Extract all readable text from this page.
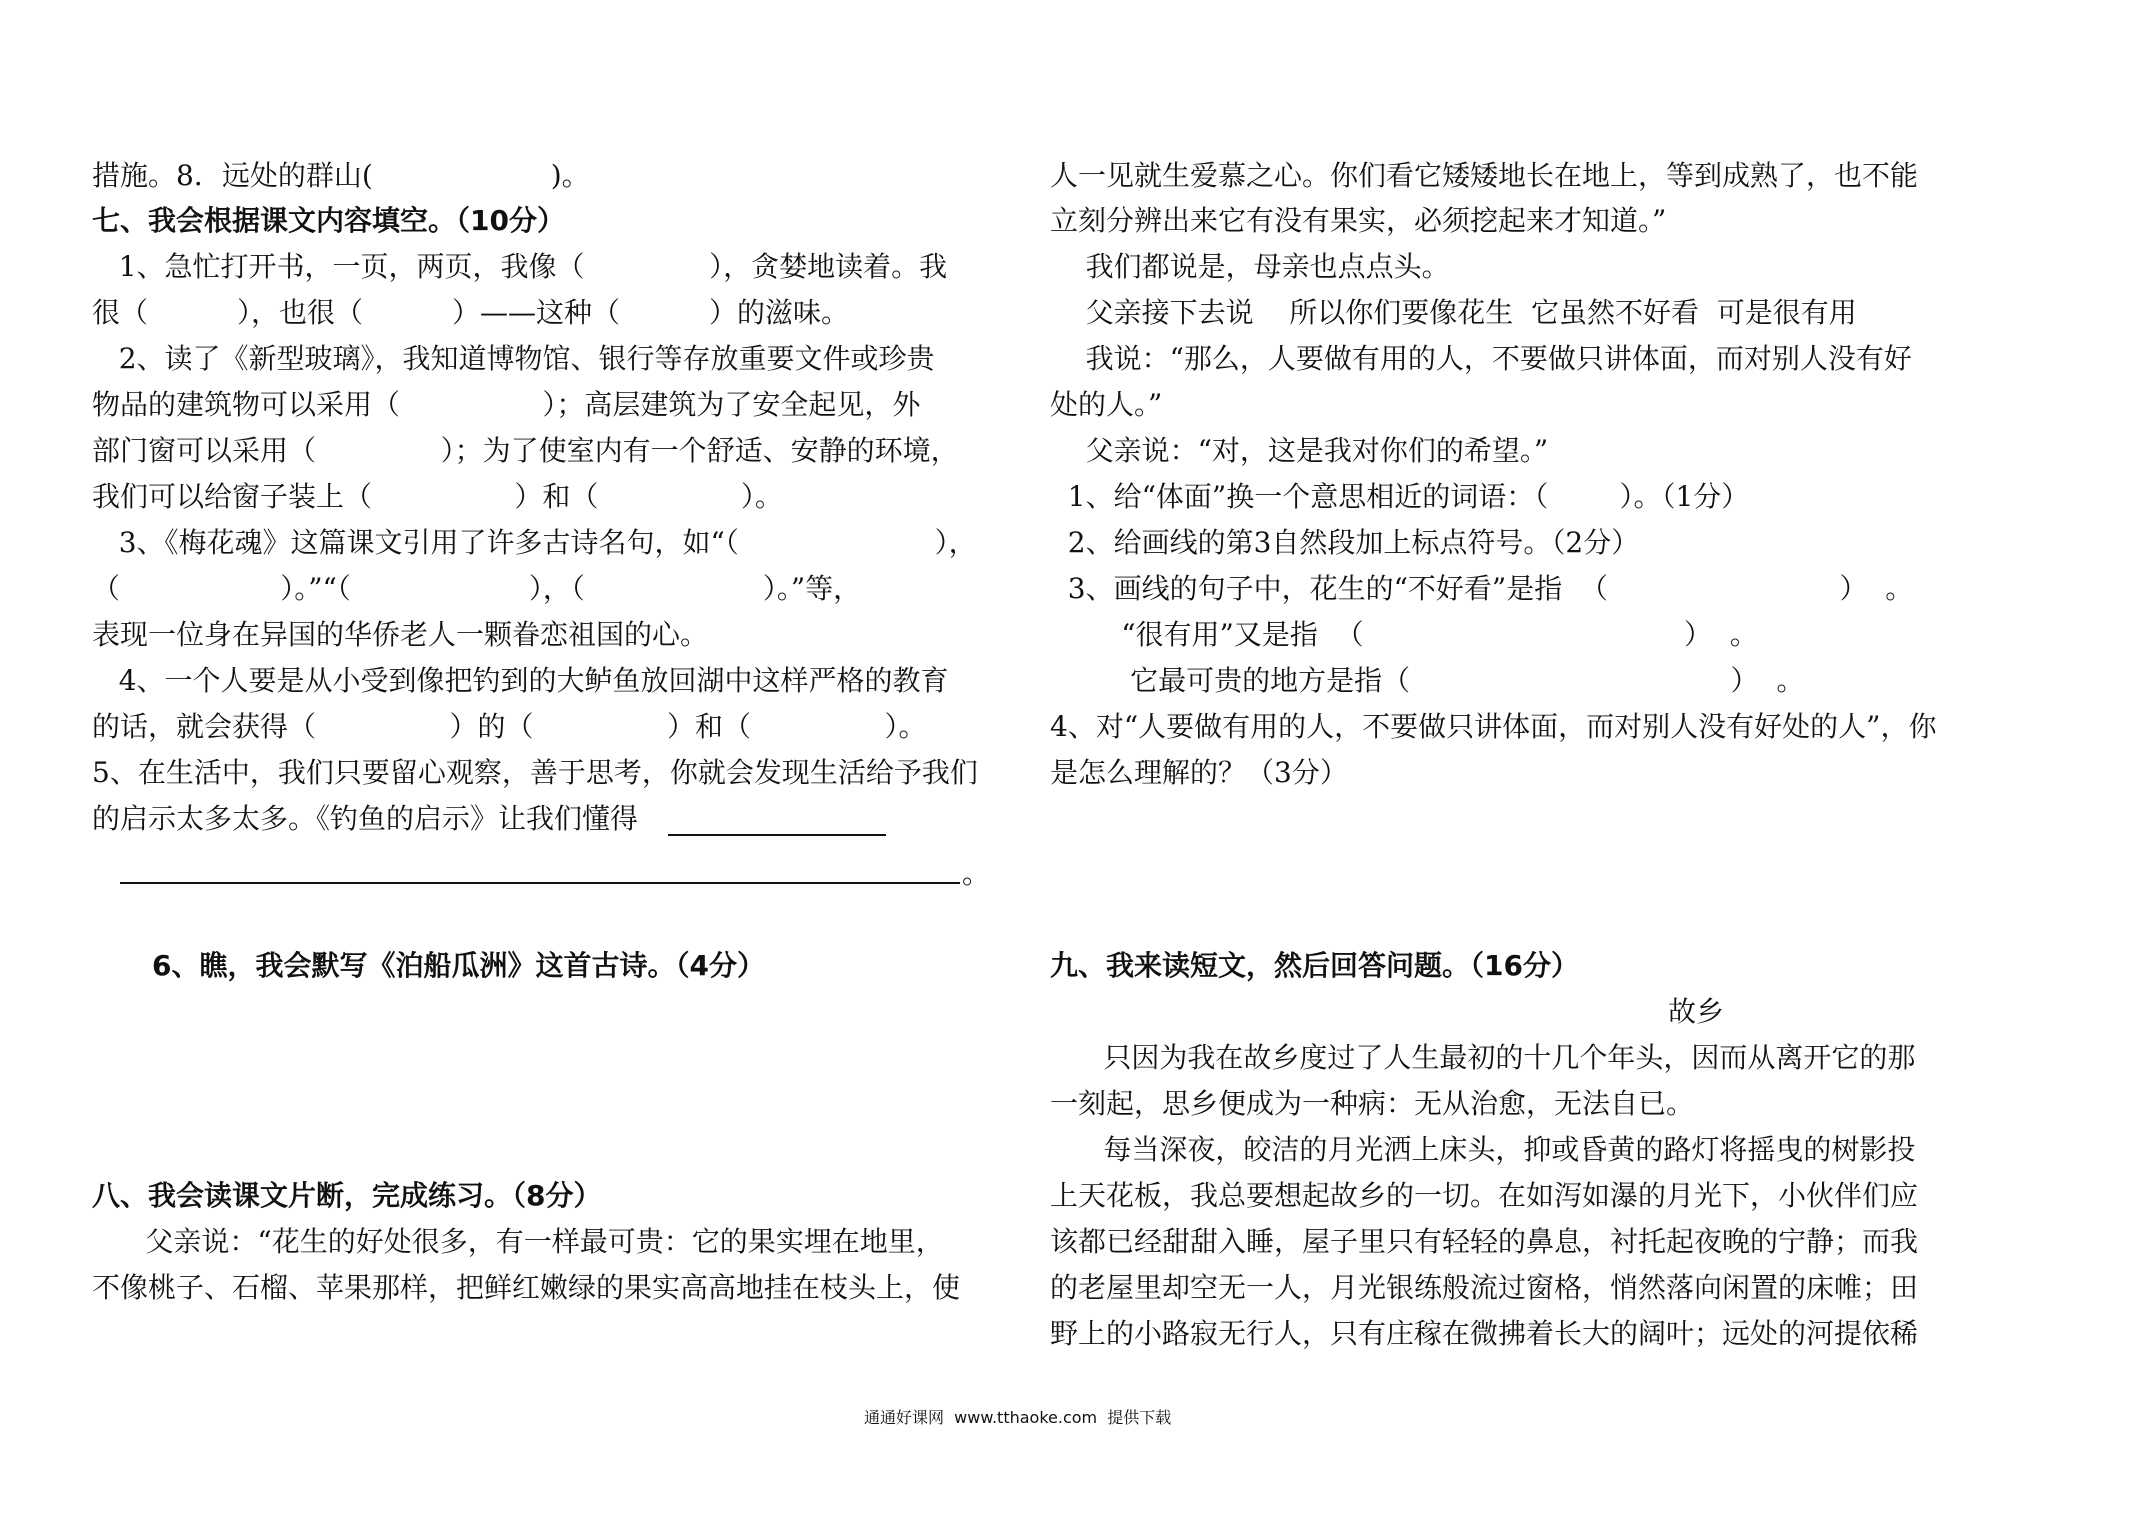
措施。8．远处的群山(                    )。
七、我会根据课文内容填空。（10分）
1、急忙打开书，一页，两页，我像（              ），贪婪地读着。我
很（          ），也很（          ）——这种（          ）的滋味。
2、读了《新型玻璃》，我知道博物馆、银行等存放重要文件或珍贵
物品的建筑物可以采用（                ）；高层建筑为了安全起见，外
部门窗可以采用（              ）；为了使室内有一个舒适、安静的环境，
我们可以给窗子装上（                ）和（                ）。
3、《梅花魂》这篇课文引用了许多古诗名句，如“（                      ），
（                  ）。”“（                    ），（                    ）。”等，
表现一位身在异国的华侨老人一颗眷恋祖国的心。
4、一个人要是从小受到像把钓到的大鲈鱼放回湖中这样严格的教育
的话，就会获得（               ）的（               ）和（               ）。
5、在生活中，我们只要留心观察，善于思考，你就会发现生活给予我们
的启示太多太多。《钓鱼的启示》让我们懂得
。
6、瞧，我会默写《泊船瓜洲》这首古诗。（4分）
八、我会读课文片断，完成练习。（8分）
父亲说：“花生的好处很多，有一样最可贵：它的果实埋在地里，
不像桃子、石榴、苹果那样，把鲜红嫩绿的果实高高地挂在枝头上，使
人一见就生爱慕之心。你们看它矮矮地长在地上，等到成熟了，也不能
立刻分辨出来它有没有果实，必须挖起来才知道。”
我们都说是，母亲也点点头。
父亲接下去说    所以你们要像花生  它虽然不好看  可是很有用
我说：“那么，人要做有用的人，不要做只讲体面，而对别人没有好
处的人。”
父亲说：“对，这是我对你们的希望。”
1、给“体面”换一个意思相近的词语：（        ）。（1分）
2、给画线的第3自然段加上标点符号。（2分）
3、画线的句子中，花生的“不好看”是指  （                          ）  。
“很有用”又是指  （                                    ）  。
它最可贵的地方是指（                                    ）  。
4、对“人要做有用的人，不要做只讲体面，而对别人没有好处的人”，你
是怎么理解的？（3分）
九、我来读短文，然后回答问题。（16分）
故乡
只因为我在故乡度过了人生最初的十几个年头，因而从离开它的那
一刻起，思乡便成为一种病：无从治愈，无法自已。
每当深夜，皎洁的月光洒上床头，抑或昏黄的路灯将摇曳的树影投
上天花板，我总要想起故乡的一切。在如泻如瀑的月光下，小伙伴们应
该都已经甜甜入睡，屋子里只有轻轻的鼻息，衬托起夜晚的宁静；而我
的老屋里却空无一人，月光银练般流过窗格，悄然落向闲置的床帷；田
野上的小路寂无行人，只有庄稼在微拂着长大的阔叶；远处的河提依稀
通通好课网  www.tthaoke.com  提供下载
